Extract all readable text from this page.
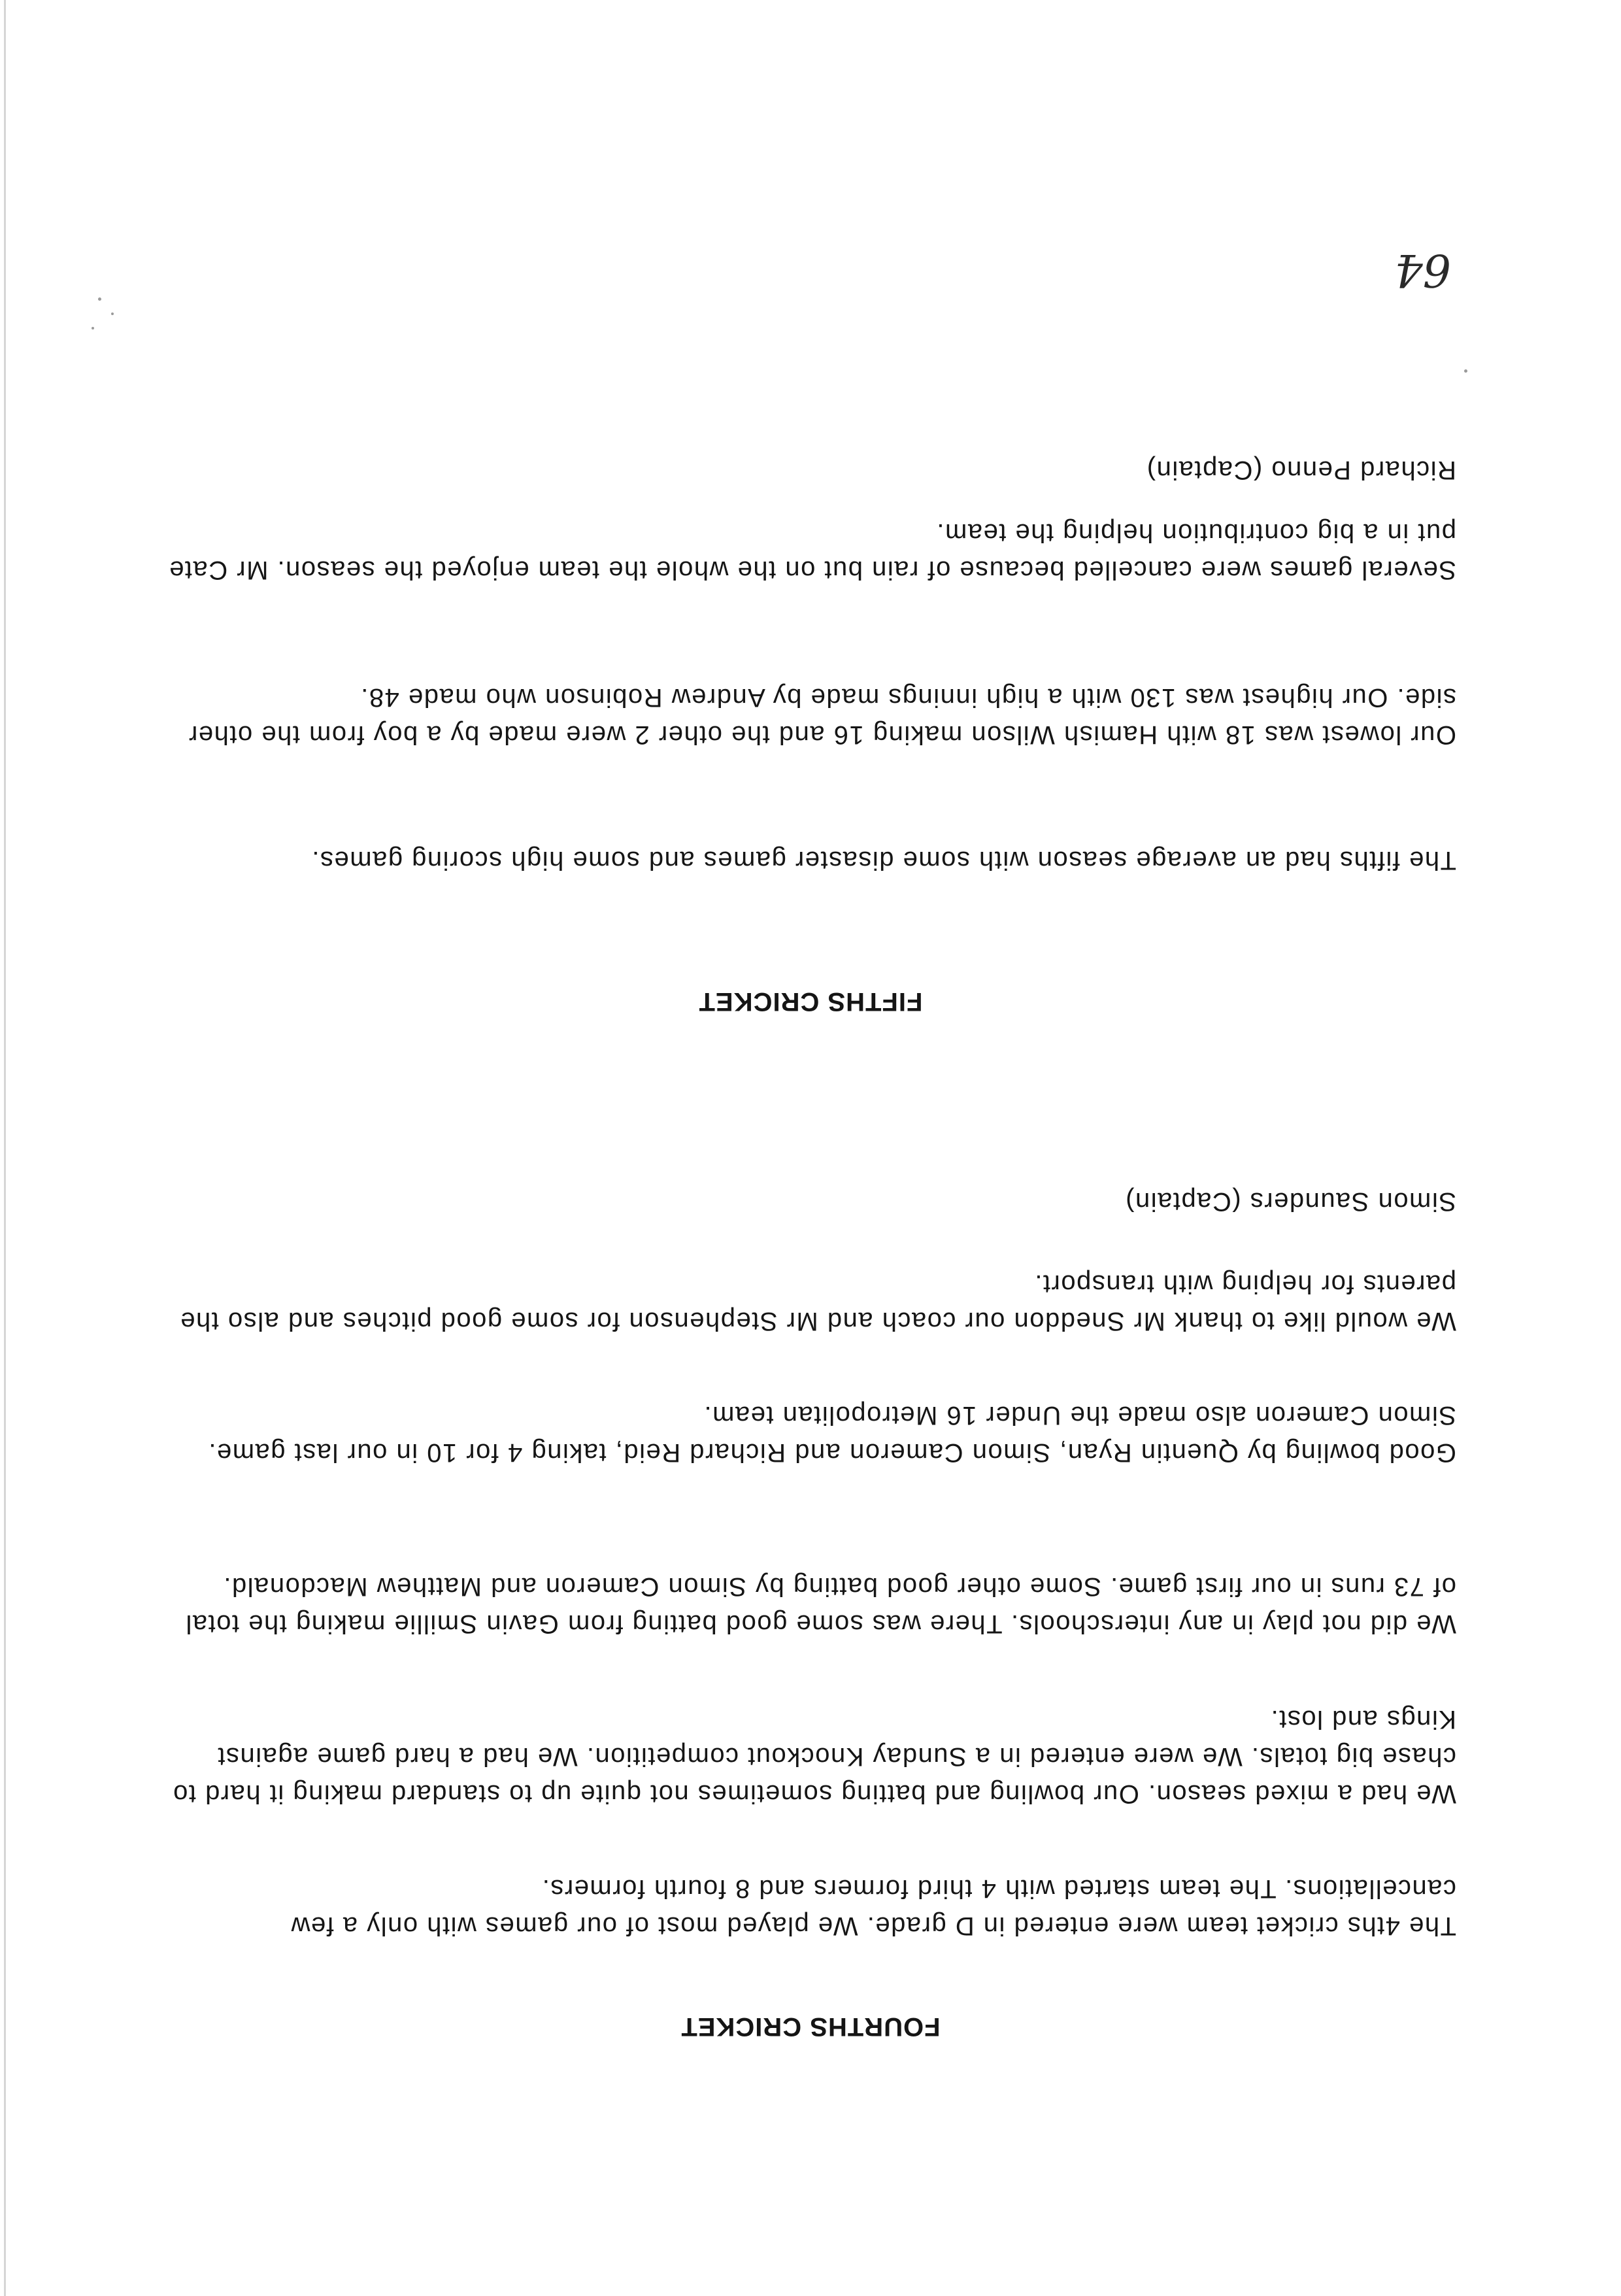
64
FOURTHS CRICKET

The 4ths cricket team were entered in D grade. We played most of our games with only a few cancellations. The team started with 4 third formers and 8 fourth formers.

We had a mixed season. Our bowling and batting sometimes not quite up to standard making it hard to chase big totals. We were entered in a Sunday Knockout competition. We had a hard game against Kings and lost.

We did not play in any interschools. There was some good batting from Gavin Smillie making the total of 73 runs in our first game. Some other good batting by Simon Cameron and Matthew Macdonald.

Good bowling by Quentin Ryan, Simon Cameron and Richard Reid, taking 4 for 10 in our last game. Simon Cameron also made the Under 16 Metropolitan team.

We would like to thank Mr Sneddon our coach and Mr Stephenson for some good pitches and also the parents for helping with transport.

Simon Saunders (Captain)

FIFTHS CRICKET

The fifths had an average season with some disaster games and some high scoring games.

Our lowest was 18 with Hamish Wilson making 16 and the other 2 were made by a boy from the other side. Our highest was 130 with a high innings made by Andrew Robinson who made 48.

Several games were cancelled because of rain but on the whole the team enjoyed the season. Mr Cate put in a big contribution helping the team.

Richard Penno (Captain)
